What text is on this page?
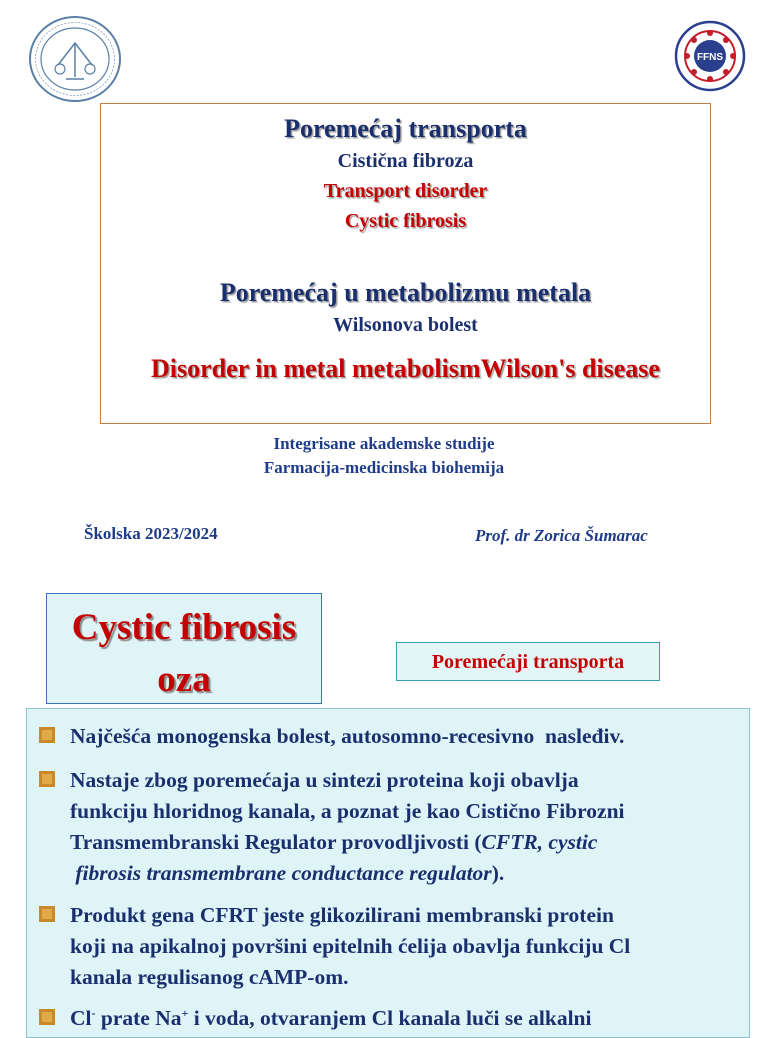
FFNS
Poremećaj transporta
Cistična fibroza
Transport disorder
Cystic fibrosis
Poremećaj u metabolizmu metala
Wilsonova bolest
Disorder in metal metabolismWilson's disease
Integrisane akademske studije
Farmacija-medicinska biohemija
Školska 2023/2024	Prof. dr Zorica Šumarac
Cystic fibrosis
oza	Poremećaji transporta
Najčešća monogenska bolest, autosomno-recesivno  nasleđiv.
Nastaje zbog poremećaja u sintezi proteina koji obavlja
funkciju hloridnog kanala, a poznat je kao Cistično Fibrozni
Transmembranski Regulator provodljivosti (CFTR, cystic
fibrosis transmembrane conductance regulator).
Produkt gena CFRT jeste glikozilirani membranski protein
koji na apikalnoj površini epitelnih ćelija obavlja funkciju Cl
kanala regulisanog cAMP-om.
Cl- prate Na+ i voda, otvaranjem Cl kanala luči se alkalni
